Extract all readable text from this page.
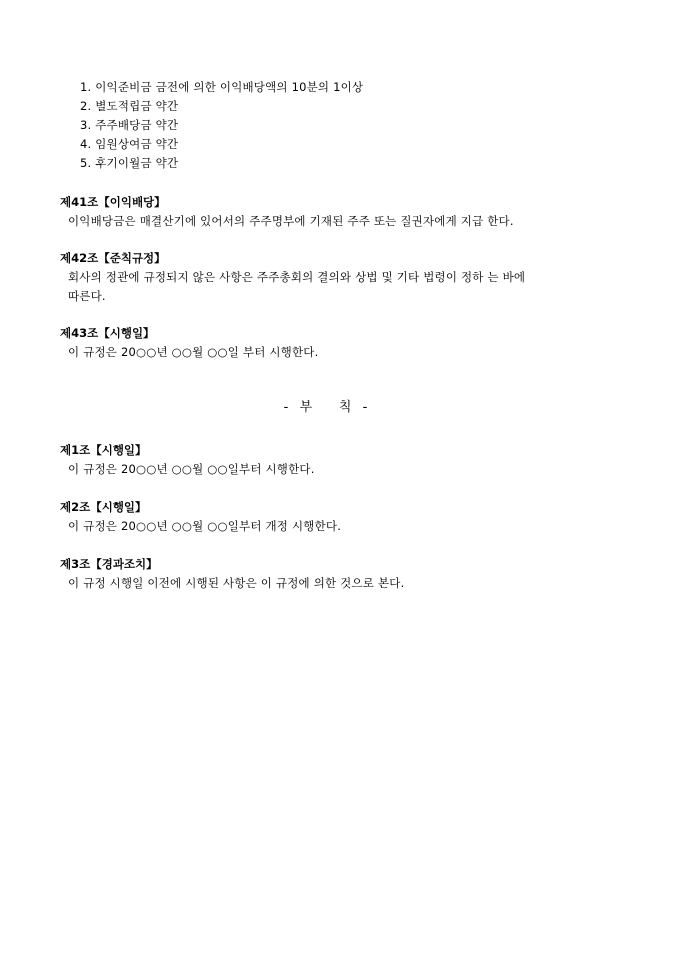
1. 이익준비금 금전에 의한 이익배당액의 10분의 1이상
2. 별도적립금 약간
3. 주주배당금 약간
4. 임원상여금 약간
5. 후기이월금 약간
제41조【이익배당】
이익배당금은 매결산기에 있어서의 주주명부에 기재된 주주 또는 질권자에게 지급 한다.
제42조【준칙규정】
회사의 정관에 규정되지 않은 사항은 주주총회의 결의와 상법 및 기타 법령이 정하 는 바에
따른다.
제43조【시행일】
이 규정은 20○○년 ○○월 ○○일 부터 시행한다.
-  부     칙  -
제1조【시행일】
이 규정은 20○○년 ○○월 ○○일부터 시행한다.
제2조【시행일】
이 규정은 20○○년 ○○월 ○○일부터 개정 시행한다.
제3조【경과조치】
이 규정 시행일 이전에 시행된 사항은 이 규정에 의한 것으로 본다.
